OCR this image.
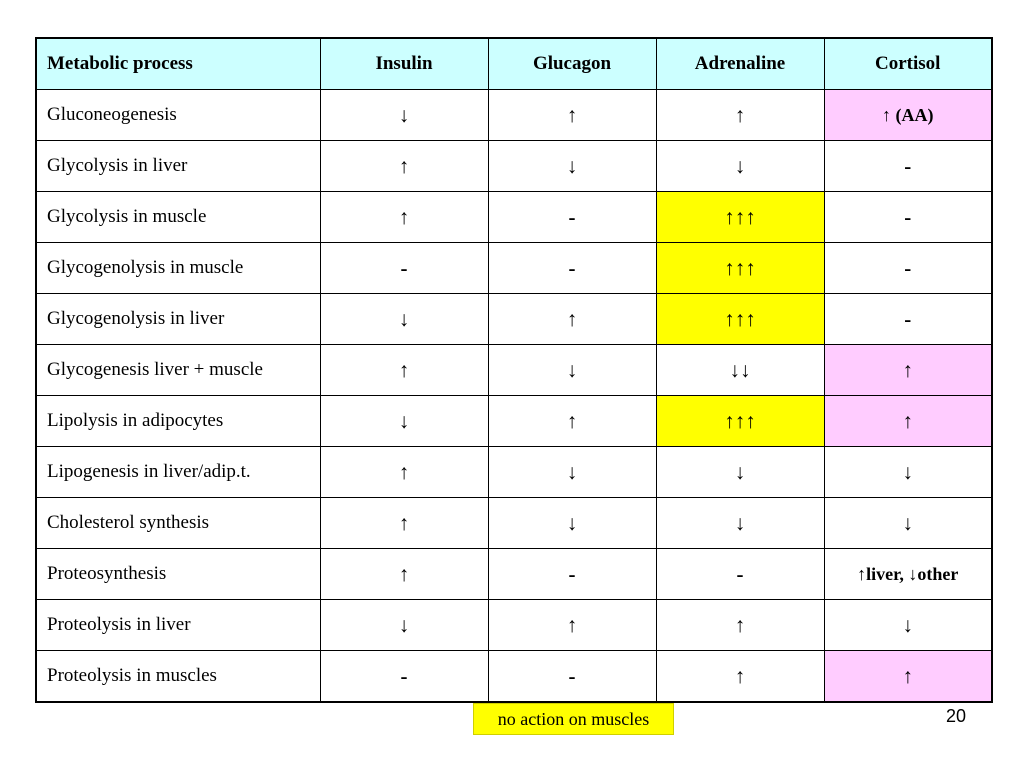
Metabolic process	Insulin	Glucagon	Adrenaline	Cortisol
Gluconeogenesis	↓	↑	↑	↑ (AA)
Glycolysis in liver	↑	↓	↓	-
Glycolysis in muscle	↑	-	↑↑↑	-
Glycogenolysis in muscle	-	-	↑↑↑	-
Glycogenolysis in liver	↓	↑	↑↑↑	-
Glycogenesis liver + muscle	↑	↓	↓↓	↑
Lipolysis in adipocytes	↓	↑	↑↑↑	↑
Lipogenesis in liver/adip.t.	↑	↓	↓	↓
Cholesterol synthesis	↑	↓	↓	↓
Proteosynthesis	↑	-	-	↑liver, ↓other
Proteolysis in liver	↓	↑	↑	↓
Proteolysis in muscles	-	-	↑	↑
no action on muscles	20
